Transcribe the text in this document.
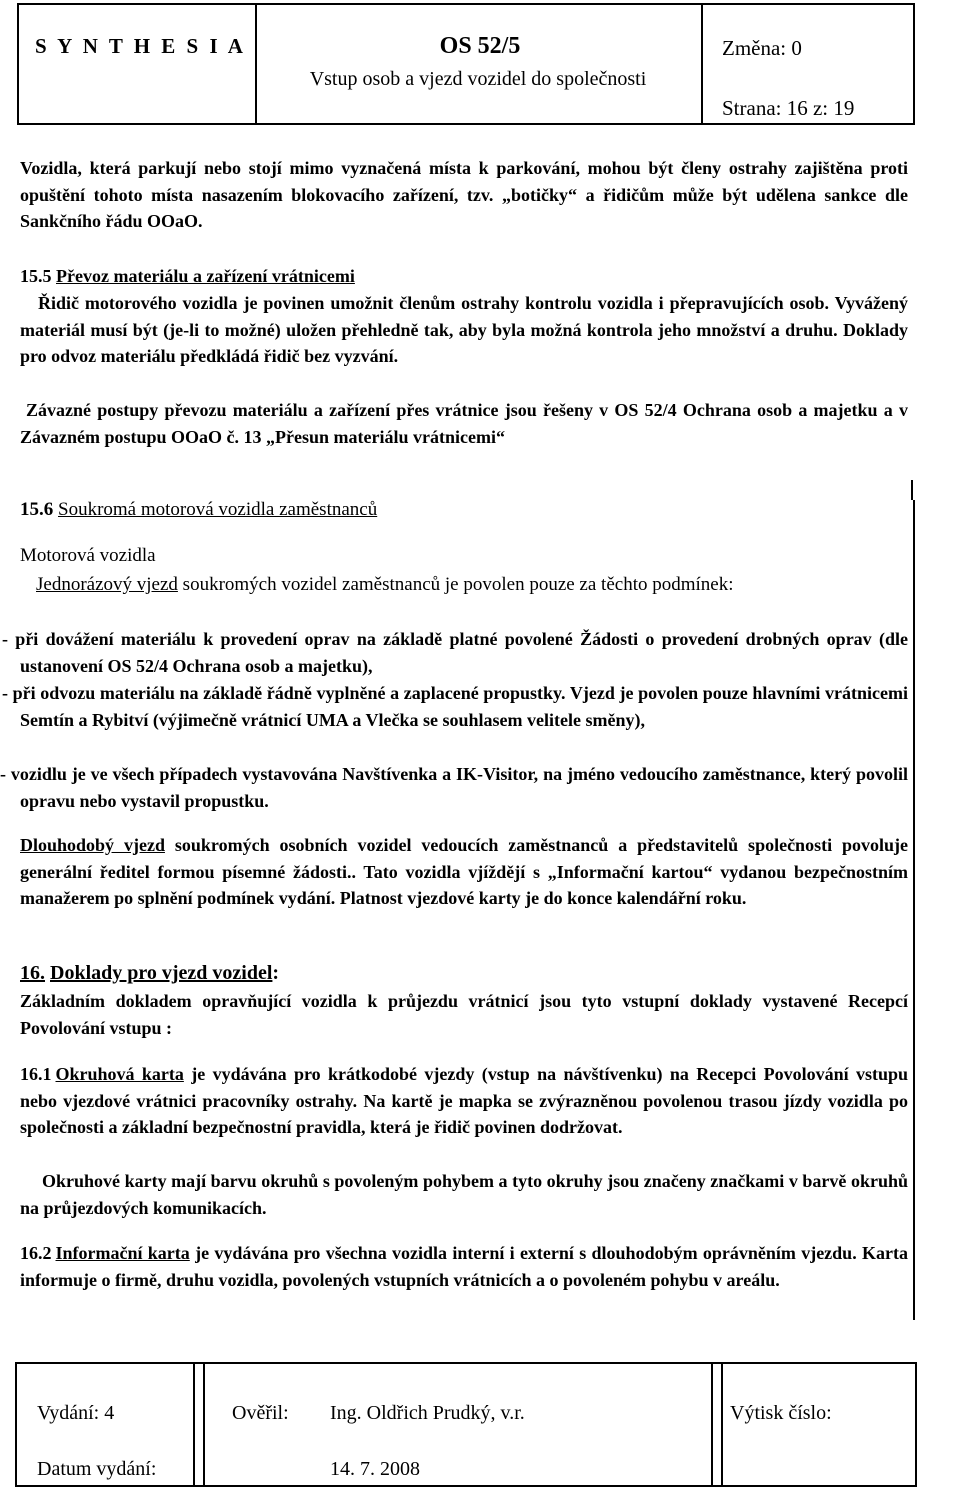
S Y N T H E S I A	OS 52/5
Vstup osob a vjezd vozidel do společnosti
Změna: 0
Strana: 16 z: 19
Vozidla, která parkují nebo stojí mimo vyznačená místa k parkování, mohou být členy ostrahy zajištěna proti opuštění tohoto místa nasazením blokovacího zařízení, tzv. „botičky“ a řidičům může být udělena sankce dle Sankčního řádu OOaO.
15.5 Převoz materiálu a zařízení vrátnicemi
Řidič motorového vozidla je povinen umožnit členům ostrahy kontrolu vozidla i přepravujících osob. Vyvážený materiál musí být (je-li to možné) uložen přehledně tak, aby byla možná kontrola jeho množství a druhu. Doklady pro odvoz materiálu předkládá řidič bez vyzvání.
Závazné postupy převozu materiálu a zařízení přes vrátnice jsou řešeny v OS 52/4 Ochrana osob a majetku a v Závazném postupu OOaO č. 13 „Přesun materiálu vrátnicemi“
15.6 Soukromá motorová vozidla zaměstnanců
Motorová vozidla
Jednorázový vjezd soukromých vozidel zaměstnanců je povolen pouze za těchto podmínek:
- při dovážení materiálu k provedení oprav na základě platné povolené Žádosti o provedení drobných oprav (dle ustanovení OS 52/4 Ochrana osob a majetku),
- při odvozu materiálu na základě řádně vyplněné a zaplacené propustky. Vjezd je povolen pouze hlavními vrátnicemi Semtín a Rybitví (výjimečně vrátnicí UMA a Vlečka se souhlasem velitele směny),
- vozidlu je ve všech případech vystavována Navštívenka a IK-Visitor, na jméno vedoucího zaměstnance, který povolil opravu nebo vystavil propustku.
Dlouhodobý vjezd soukromých osobních vozidel vedoucích zaměstnanců a představitelů společnosti povoluje generální ředitel formou písemné žádosti.. Tato vozidla vjíždějí s „Informační kartou“ vydanou bezpečnostním manažerem po splnění podmínek vydání. Platnost vjezdové karty je do konce kalendářní roku.
16. Doklady pro vjezd vozidel:
Základním dokladem opravňující vozidla k průjezdu vrátnicí jsou tyto vstupní doklady vystavené Recepcí Povolování vstupu :
16.1 Okruhová karta je vydávána pro krátkodobé vjezdy (vstup na návštívenku) na Recepci Povolování vstupu nebo vjezdové vrátnici pracovníky ostrahy. Na kartě je mapka se zvýrazněnou povolenou trasou jízdy vozidla po společnosti a základní bezpečnostní pravidla, která je řidič povinen dodržovat.
Okruhové karty mají barvu okruhů s povoleným pohybem a tyto okruhy jsou značeny značkami v barvě okruhů na průjezdových komunikacích.
16.2 Informační karta je vydávána pro všechna vozidla interní i externí s dlouhodobým oprávněním vjezdu. Karta informuje o firmě, druhu vozidla, povolených vstupních vrátnicích a o povoleném pohybu v areálu.
Vydání: 4	Ověřil: Ing. Oldřich Prudký, v.r.	Výtisk číslo:
Datum vydání:	14. 7. 2008
